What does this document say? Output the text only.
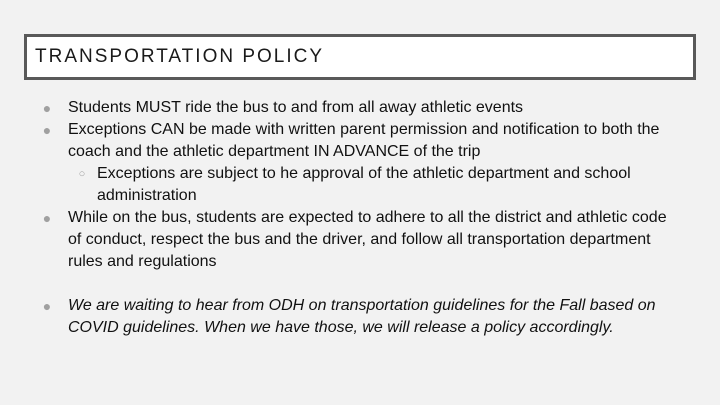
TRANSPORTATION POLICY
● Students MUST ride the bus to and from all away athletic events
● Exceptions CAN be made with written parent permission and notification to both the coach and the athletic department IN ADVANCE of the trip
○ Exceptions are subject to he approval of the athletic department and school administration
● While on the bus, students are expected to adhere to all the district and athletic code of conduct, respect the bus and the driver, and follow all transportation department rules and regulations
● We are waiting to hear from ODH on transportation guidelines for the Fall based on COVID guidelines. When we have those, we will release a policy accordingly.
